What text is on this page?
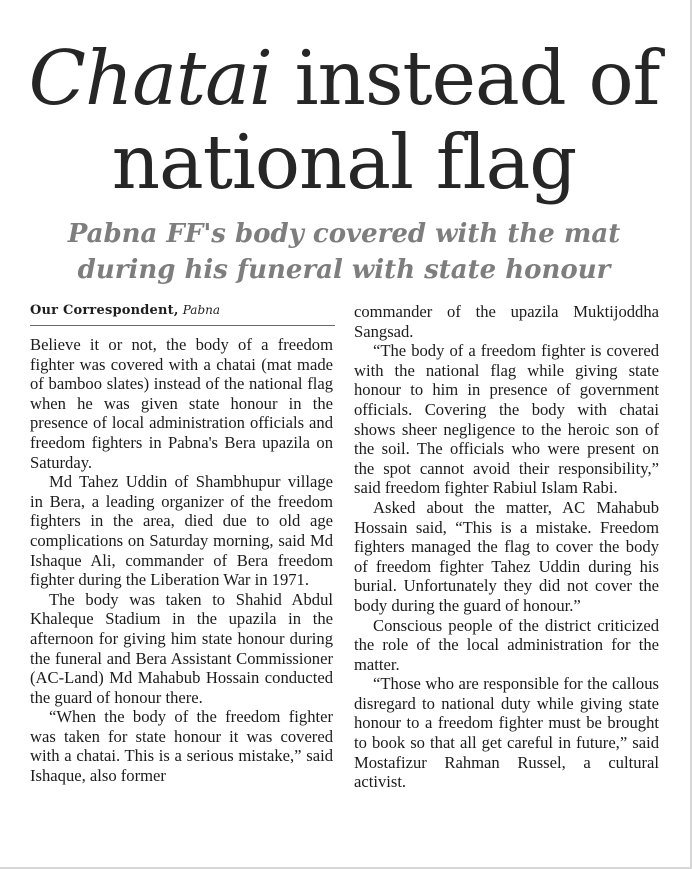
Chatai instead of
national flag
Pabna FF's body covered with the mat
during his funeral with state honour
Our Correspondent, Pabna

Believe it or not, the body of a freedom fighter was covered with a chatai (mat made of bamboo slates) instead of the national flag when he was given state honour in the presence of local administration officials and freedom fighters in Pabna's Bera upazila on Saturday.

Md Tahez Uddin of Shambhupur village in Bera, a leading organizer of the freedom fighters in the area, died due to old age complications on Saturday morning, said Md Ishaque Ali, commander of Bera freedom fighter during the Liberation War in 1971.

The body was taken to Shahid Abdul Khaleque Stadium in the upazila in the afternoon for giving him state honour during the funeral and Bera Assistant Commissioner (AC-Land) Md Mahabub Hossain conducted the guard of honour there.

“When the body of the freedom fighter was taken for state honour it was covered with a chatai. This is a serious mistake,” said Ishaque, also former

commander of the upazila Muktijoddha Sangsad.

“The body of a freedom fighter is covered with the national flag while giving state honour to him in presence of government officials. Covering the body with chatai shows sheer negligence to the heroic son of the soil. The officials who were present on the spot cannot avoid their responsibility,” said freedom fighter Rabiul Islam Rabi.

Asked about the matter, AC Mahabub Hossain said, “This is a mistake. Freedom fighters managed the flag to cover the body of freedom fighter Tahez Uddin during his burial. Unfortunately they did not cover the body during the guard of honour.”

Conscious people of the district criticized the role of the local administration for the matter.

“Those who are responsible for the callous disregard to national duty while giving state honour to a freedom fighter must be brought to book so that all get careful in future,” said Mostafizur Rahman Russel, a cultural activist.
